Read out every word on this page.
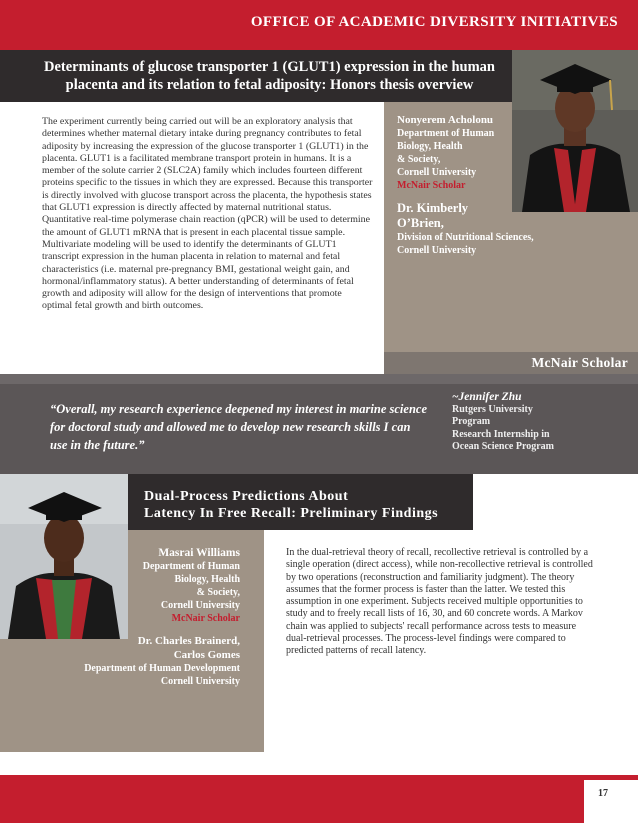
OFFICE OF ACADEMIC DIVERSITY INITIATIVES
Determinants of glucose transporter 1 (GLUT1) expression in the human placenta and its relation to fetal adiposity: Honors thesis overview
Nonyerem Acholonu
Department of Human
Biology, Health
& Society,
Cornell University
McNair Scholar
Dr. Kimberly
O’Brien,
Division of Nutritional Sciences,
Cornell University
McNair Scholar
The experiment currently being carried out will be an exploratory analysis that determines whether maternal dietary intake during pregnancy contributes to fetal adiposity by increasing the expression of the glucose transporter 1 (GLUT1) in the placenta. GLUT1 is a facilitated membrane transport protein in humans. It is a member of the solute carrier 2 (SLC2A) family which includes fourteen different proteins specific to the tissues in which they are expressed. Because this transporter is directly involved with glucose transport across the placenta, the hypothesis states that GLUT1 expression is directly affected by maternal nutritional status. Quantitative real-time polymerase chain reaction (qPCR) will be used to determine the amount of GLUT1 mRNA that is present in each placental tissue sample. Multivariate modeling will be used to identify the determinants of GLUT1 transcript expression in the human placenta in relation to maternal and fetal characteristics (i.e. maternal pre-pregnancy BMI, gestational weight gain, and hormonal/inflammatory status). A better understanding of determinants of fetal growth and adiposity will allow for the design of interventions that promote optimal fetal growth and birth outcomes.
“Overall, my research experience deepened my interest in marine science for doctoral study and allowed me to develop new research skills I can use in the future.”
~Jennifer Zhu
Rutgers University
Program
Research Internship in
Ocean Science Program
Dual-Process Predictions About
Latency In Free Recall: Preliminary Findings
Masrai Williams
Department of Human
Biology, Health
& Society,
Cornell University
McNair Scholar
Dr. Charles Brainerd,
Carlos Gomes
Department of Human Development
Cornell University
In the dual-retrieval theory of recall, recollective retrieval is controlled by a single operation (direct access), while non-recollective retrieval is controlled by two operations (reconstruction and familiarity judgment). The theory assumes that the former process is faster than the latter. We tested this assumption in one experiment. Subjects received multiple opportunities to study and to freely recall lists of 16, 30, and 60 concrete words. A Markov chain was applied to subjects' recall performance across tests to measure dual-retrieval processes. The process-level findings were compared to predicted patterns of recall latency.
17
